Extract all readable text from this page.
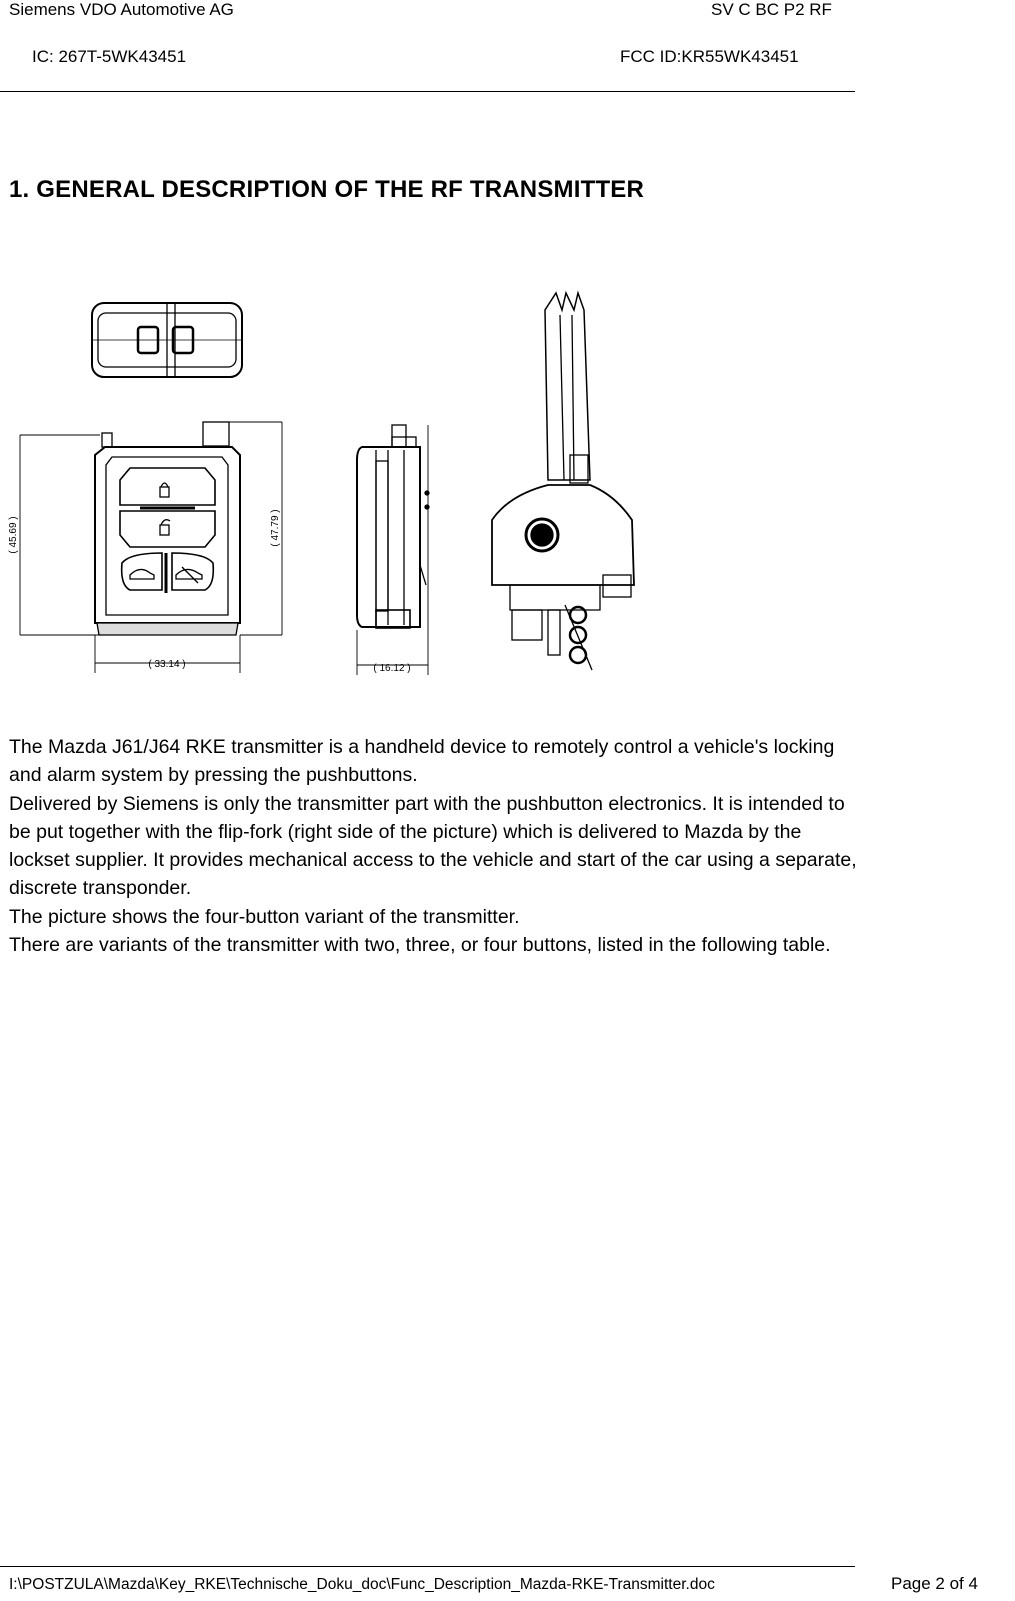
Siemens VDO Automotive AG	SV C BC P2 RF
IC: 267T-5WK43451	FCC ID:KR55WK43451
1. GENERAL DESCRIPTION OF THE RF TRANSMITTER
( 45.69 )	( 47.79 )
( 33.14 )	( 16.12 )

The Mazda J61/J64 RKE transmitter is a handheld device to remotely control a vehicle's locking and alarm system by pressing the pushbuttons.

Delivered by Siemens is only the transmitter part with the pushbutton electronics. It is intended to be put together with the flip-fork (right side of the picture) which is delivered to Mazda by the lockset supplier. It provides mechanical access to the vehicle and start of the car using a separate, discrete transponder.

The picture shows the four-button variant of the transmitter.

There are variants of the transmitter with two, three, or four buttons, listed in the following table.

I:\POSTZULA\Mazda\Key_RKE\Technische_Doku_doc\Func_Description_Mazda-RKE-Transmitter.doc	Page 2 of 4
